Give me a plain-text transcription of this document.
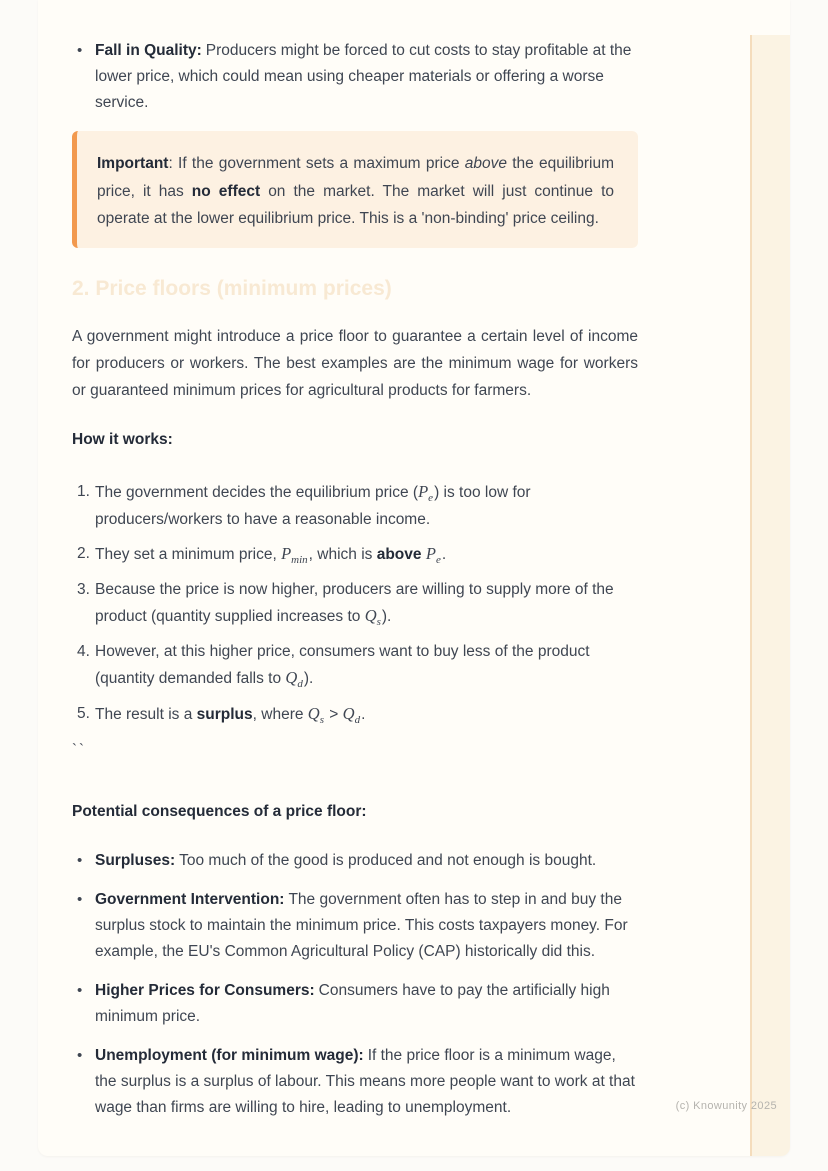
• Fall in Quality: Producers might be forced to cut costs to stay profitable at the lower price, which could mean using cheaper materials or offering a worse service.
Important: If the government sets a maximum price above the equilibrium price, it has no effect on the market. The market will just continue to operate at the lower equilibrium price. This is a 'non-binding' price ceiling.
2. Price floors (minimum prices)

A government might introduce a price floor to guarantee a certain level of income for producers or workers. The best examples are the minimum wage for workers or guaranteed minimum prices for agricultural products for farmers.

How it works:

1. The government decides the equilibrium price $(P_e)$ is too low for producers/workers to have a reasonable income.
2. They set a minimum price, $P_{min}$, which is above $P_e$.
3. Because the price is now higher, producers are willing to supply more of the product (quantity supplied increases to $Q_s$).
4. However, at this higher price, consumers want to buy less of the product (quantity demanded falls to $Q_d$).
5. The result is a surplus, where $Q_s > Q_d$.
``

Potential consequences of a price floor:

• Surpluses: Too much of the good is produced and not enough is bought.
• Government Intervention: The government often has to step in and buy the surplus stock to maintain the minimum price. This costs taxpayers money. For example, the EU's Common Agricultural Policy (CAP) historically did this.
• Higher Prices for Consumers: Consumers have to pay the artificially high minimum price.
• Unemployment (for minimum wage): If the price floor is a minimum wage, the surplus is a surplus of labour. This means more people want to work at that wage than firms are willing to hire, leading to unemployment.	(c) Knowunity 2025
